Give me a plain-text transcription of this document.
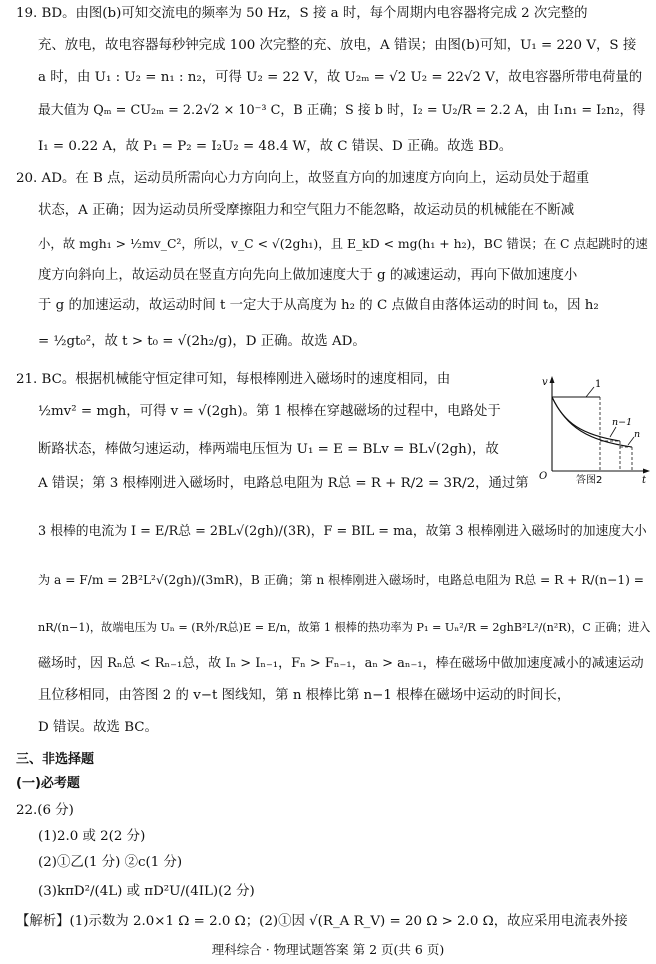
19. BD。由图(b)可知交流电的频率为 50 Hz，S 接 a 时，每个周期内电容器将完成 2 次完整的
充、放电，故电容器每秒钟完成 100 次完整的充、放电，A 错误；由图(b)可知，U₁ = 220 V，S 接
a 时，由 U₁ : U₂ = n₁ : n₂，可得 U₂ = 22 V，故 U₂ₘ = √2 U₂ = 22√2 V，故电容器所带电荷量的
最大值为 Qₘ = CU₂ₘ = 2.2√2 × 10⁻³ C，B 正确；S 接 b 时，I₂ = U₂/R = 2.2 A，由 I₁n₁ = I₂n₂，得
I₁ = 0.22 A，故 P₁ = P₂ = I₂U₂ = 48.4 W，故 C 错误、D 正确。故选 BD。
20. AD。在 B 点，运动员所需向心力方向向上，故竖直方向的加速度方向向上，运动员处于超重
状态，A 正确；因为运动员所受摩擦阻力和空气阻力不能忽略，故运动员的机械能在不断减
小，故 mgh₁ > ½mv_C²，所以，v_C < √(2gh₁)，且 E_kD < mg(h₁ + h₂)，BC 错误；在 C 点起跳时的速
度方向斜向上，故运动员在竖直方向先向上做加速度大于 g 的减速运动，再向下做加速度小
于 g 的加速运动，故运动时间 t 一定大于从高度为 h₂ 的 C 点做自由落体运动的时间 t₀，因 h₂
= ½gt₀²，故 t > t₀ = √(2h₂/g)，D 正确。故选 AD。
21. BC。根据机械能守恒定律可知，每根棒刚进入磁场时的速度相同，由
½mv² = mgh，可得 v = √(2gh)。第 1 根棒在穿越磁场的过程中，电路处于
断路状态，棒做匀速运动，棒两端电压恒为 U₁ = E = BLv = BL√(2gh)，故
A 错误；第 3 根棒刚进入磁场时，电路总电阻为 R总 = R + R/2 = 3R/2，通过第
3 根棒的电流为 I = E/R总 = 2BL√(2gh)/(3R)，F = BIL = ma，故第 3 根棒刚进入磁场时的加速度大小
为 a = F/m = 2B²L²√(2gh)/(3mR)，B 正确；第 n 根棒刚进入磁场时，电路总电阻为 R总 = R + R/(n−1) =
nR/(n−1)，故端电压为 Uₙ = (R外/R总)E = E/n，故第 1 根棒的热功率为 P₁ = Uₙ²/R = 2ghB²L²/(n²R)，C 正确；进入
磁场时，因 Rₙ总 < Rₙ₋₁总，故 Iₙ > Iₙ₋₁，Fₙ > Fₙ₋₁，aₙ > aₙ₋₁，棒在磁场中做加速度减小的减速运动
且位移相同，由答图 2 的 v−t 图线知，第 n 根棒比第 n−1 根棒在磁场中运动的时间长，
D 错误。故选 BC。
三、非选择题
(一)必考题
22.(6 分)
(1)2.0 或 2(2 分)
(2)①乙(1 分) ②c(1 分)
(3)kπD²/(4L) 或 πD²U/(4IL)(2 分)
【解析】(1)示数为 2.0×1 Ω = 2.0 Ω；(2)①因 √(R_A R_V) = 20 Ω > 2.0 Ω，故应采用电流表外接
v
t
O
1
n−1
n
答图2
理科综合 · 物理试题答案 第 2 页(共 6 页)
